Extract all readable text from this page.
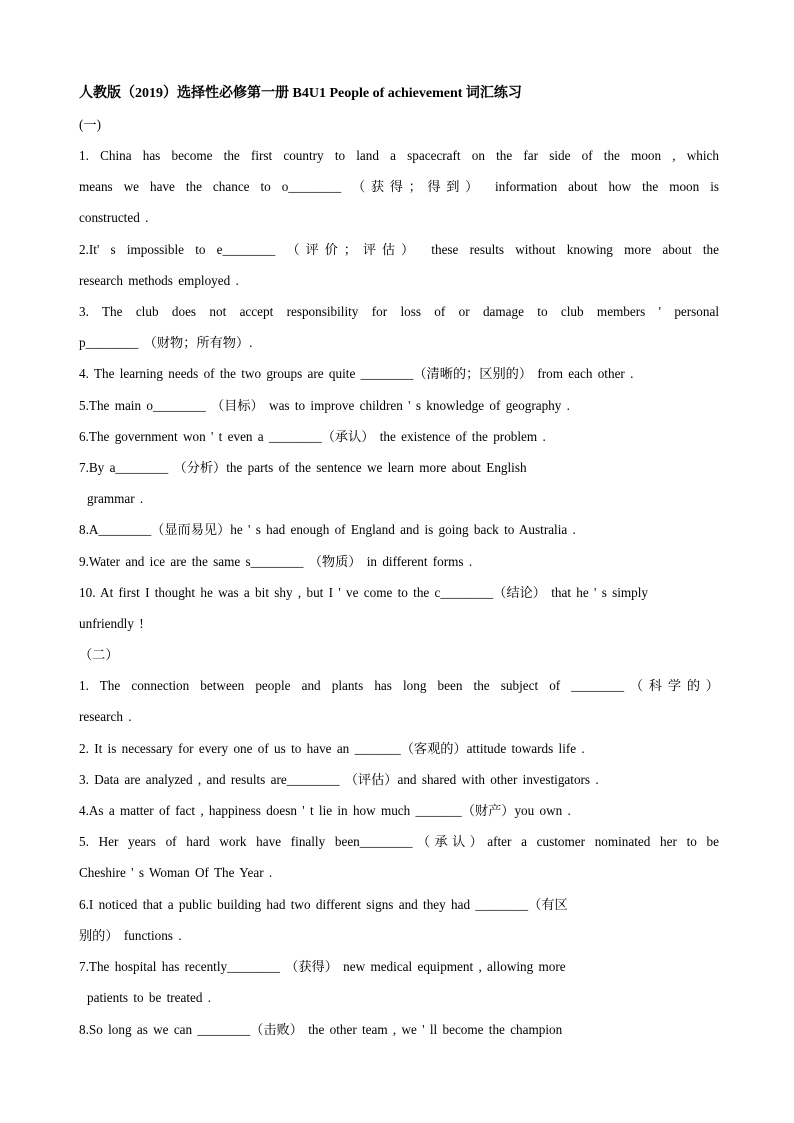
人教版（2019）选择性必修第一册 B4U1 People of achievement 词汇练习
(一)
1. China has become the first country to land a spacecraft on the far side of the moon , which
means we have the chance to o________ （获得；得到） information about how the moon is
constructed .
2.It' s impossible to e________ （评价；评估） these results without knowing more about the
research methods employed .
3. The club does not accept responsibility for loss of or damage to club members ' personal
p________ （财物；所有物）.
4. The learning needs of the two groups are quite ________（清晰的；区别的） from each other .
5.The main o________ （目标） was to improve children ' s knowledge of geography .
6.The government won ' t even a ________（承认） the existence of the problem .
7.By a________ （分析）the parts of the sentence we learn more about English
grammar .
8.A________（显而易见）he ' s had enough of England and is going back to Australia .
9.Water and ice are the same s________ （物质） in different forms .
10. At first I thought he was a bit shy , but I ' ve come to the c________（结论） that he ' s simply
unfriendly !
（二）
1. The connection between people and plants has long been the subject of ________（科学的）
research .
2. It is necessary for every one of us to have an _______（客观的）attitude towards life .
3. Data are analyzed , and results are________ （评估）and shared with other investigators .
4.As a matter of fact , happiness doesn ' t lie in how much _______（财产）you own .
5. Her years of hard work have finally been________（承认）after a customer nominated her to be
Cheshire ' s Woman Of The Year .
6.I noticed that a public building had two different signs and they had ________（有区
别的） functions .
7.The hospital has recently________ （获得） new medical equipment , allowing more
patients to be treated .
8.So long as we can ________（击败） the other team , we ' ll become the champion
